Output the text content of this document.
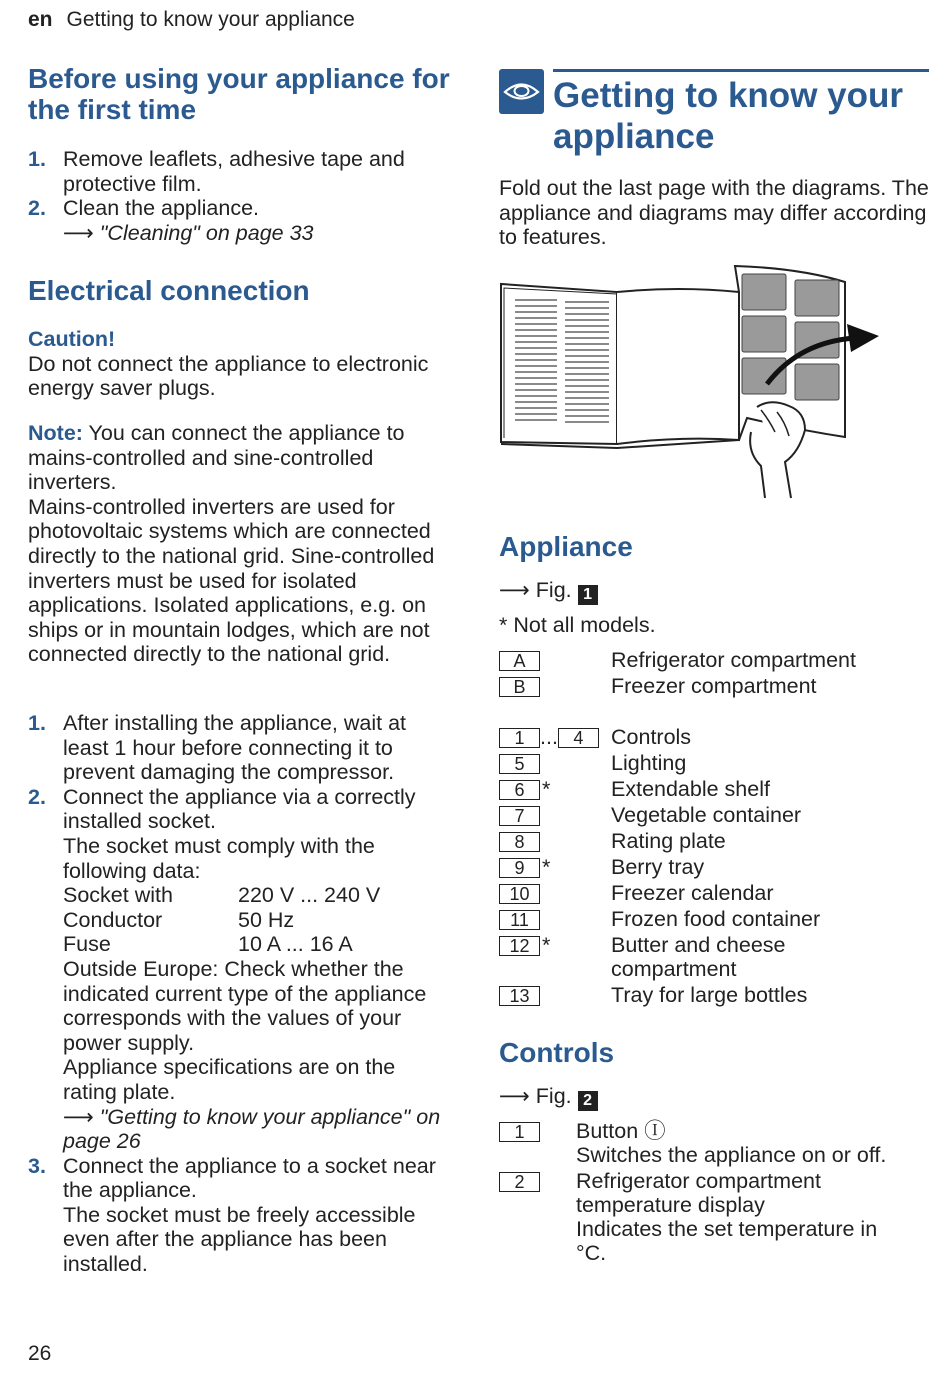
en Getting to know your appliance
Before using your appliance for the first time
1. Remove leaflets, adhesive tape and protective film.
2. Clean the appliance.
⟶ "Cleaning" on page 33
Electrical connection
Caution!
Do not connect the appliance to electronic energy saver plugs.
Note: You can connect the appliance to mains-controlled and sine-controlled inverters.
Mains-controlled inverters are used for photovoltaic systems which are connected directly to the national grid. Sine-controlled inverters must be used for isolated applications. Isolated applications, e.g. on ships or in mountain lodges, which are not connected directly to the national grid.
1. After installing the appliance, wait at least 1 hour before connecting it to prevent damaging the compressor.
2. Connect the appliance via a correctly installed socket.
The socket must comply with the following data:
Socket with	220 V ... 240 V
Conductor	50 Hz
Fuse	10 A ... 16 A
Outside Europe: Check whether the indicated current type of the appliance corresponds with the values of your power supply.
Appliance specifications are on the rating plate.
⟶ "Getting to know your appliance" on page 26
3. Connect the appliance to a socket near the appliance.
The socket must be freely accessible even after the appliance has been installed.
26
Getting to know your appliance
Fold out the last page with the diagrams. The appliance and diagrams may differ according to features.
Appliance
⟶ Fig. 1
* Not all models.
A	Refrigerator compartment
B	Freezer compartment
1 ... 4 Controls
5	Lighting
6 *	Extendable shelf
7	Vegetable container
8	Rating plate
9 *	Berry tray
10	Freezer calendar
11	Frozen food container
12 *	Butter and cheese
compartment
13	Tray for large bottles
Controls
⟶ Fig. 2
1 Button Ⓘ
Switches the appliance on or off.
2 Refrigerator compartment temperature display
Indicates the set temperature in °C.
